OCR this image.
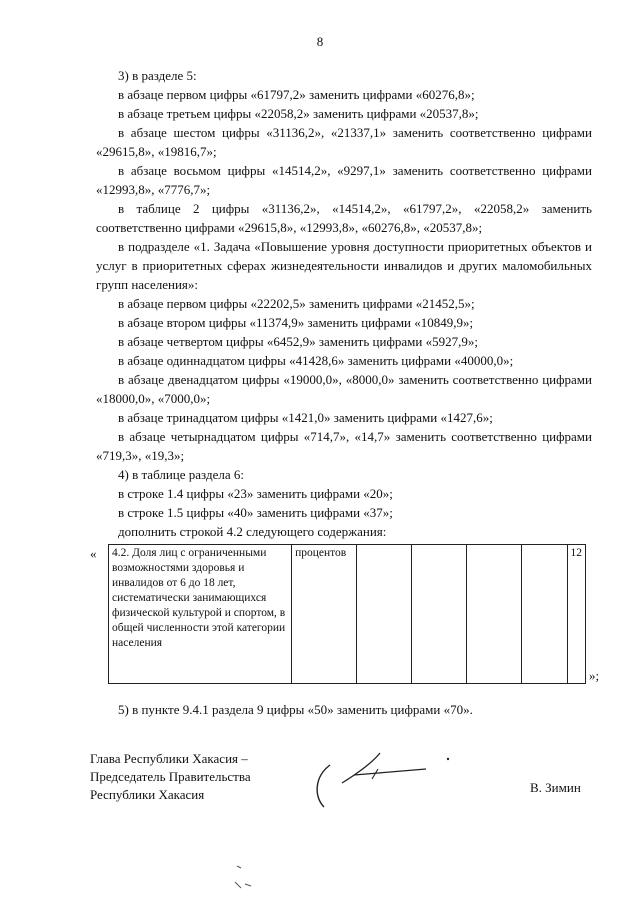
8
3) в разделе 5:
в абзаце первом цифры «61797,2» заменить цифрами «60276,8»;
в абзаце третьем цифры «22058,2» заменить цифрами «20537,8»;
в абзаце шестом цифры «31136,2», «21337,1» заменить соответственно цифрами «29615,8», «19816,7»;
в абзаце восьмом цифры «14514,2», «9297,1» заменить соответственно цифрами «12993,8», «7776,7»;
в таблице 2 цифры «31136,2», «14514,2», «61797,2», «22058,2» заменить соответственно цифрами «29615,8», «12993,8», «60276,8», «20537,8»;
в подразделе «1. Задача «Повышение уровня доступности приоритетных объектов и услуг в приоритетных сферах жизнедеятельности инвалидов и других маломобильных групп населения»:
в абзаце первом цифры «22202,5» заменить цифрами «21452,5»;
в абзаце втором цифры «11374,9» заменить цифрами «10849,9»;
в абзаце четвертом цифры «6452,9» заменить цифрами «5927,9»;
в абзаце одиннадцатом цифры «41428,6» заменить цифрами «40000,0»;
в абзаце двенадцатом цифры «19000,0», «8000,0» заменить соответственно цифрами «18000,0», «7000,0»;
в абзаце тринадцатом цифры «1421,0» заменить цифрами «1427,6»;
в абзаце четырнадцатом цифры «714,7», «14,7» заменить соответственно цифрами «719,3», «19,3»;
4) в таблице раздела 6:
« 4.2. Доля лиц с ограниченными возможностями здоровья и инвалидов от 6 до 18 лет, систематически занимающихся физической культурой и спортом, в общей численности этой категории населения	процентов					12
»;
5) в пункте 9.4.1 раздела 9 цифры «50» заменить цифрами «70».
Глава Республики Хакасия –
Председатель Правительства
Республики Хакасия	В. Зимин
в строке 1.4 цифры «23» заменить цифрами «20»;
в строке 1.5 цифры «40» заменить цифрами «37»;
дополнить строкой 4.2 следующего содержания:
